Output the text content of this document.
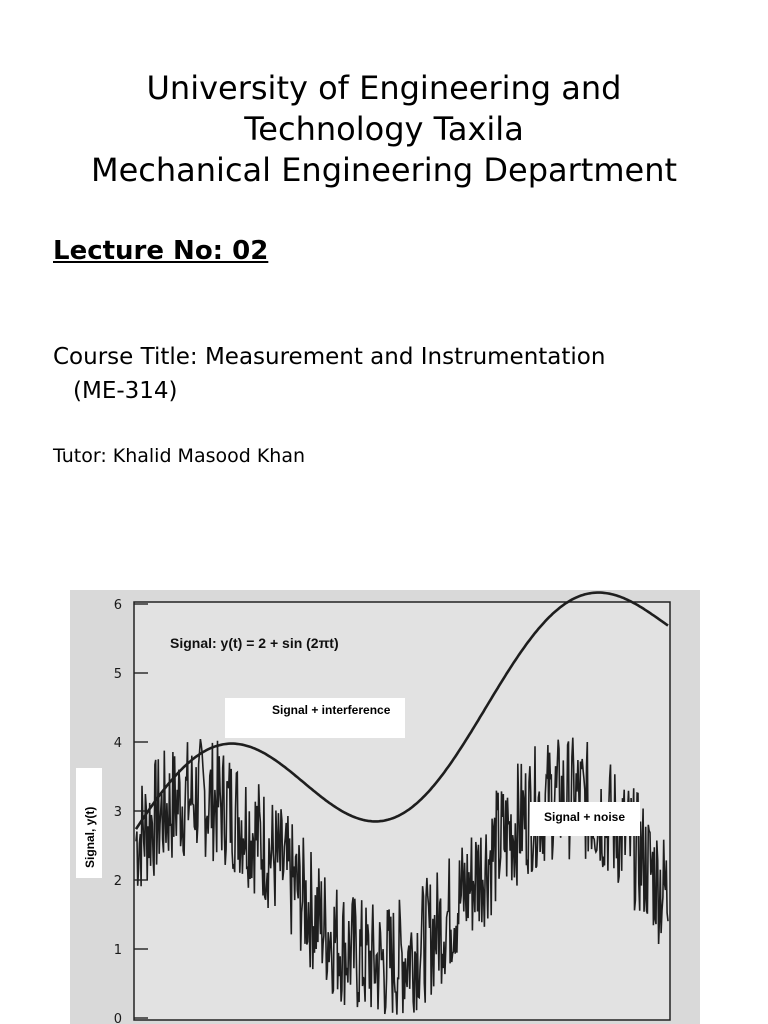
University of Engineering and
Technology Taxila
Mechanical Engineering Department

Lecture No: 02

Course Title: Measurement and Instrumentation
(ME-314)

Tutor: Khalid Masood Khan

0
1
2
3
4
5
6
Signal: y(t) = 2 + sin (2πt)
Signal + interference
Signal + noise
Signal, y(t)
